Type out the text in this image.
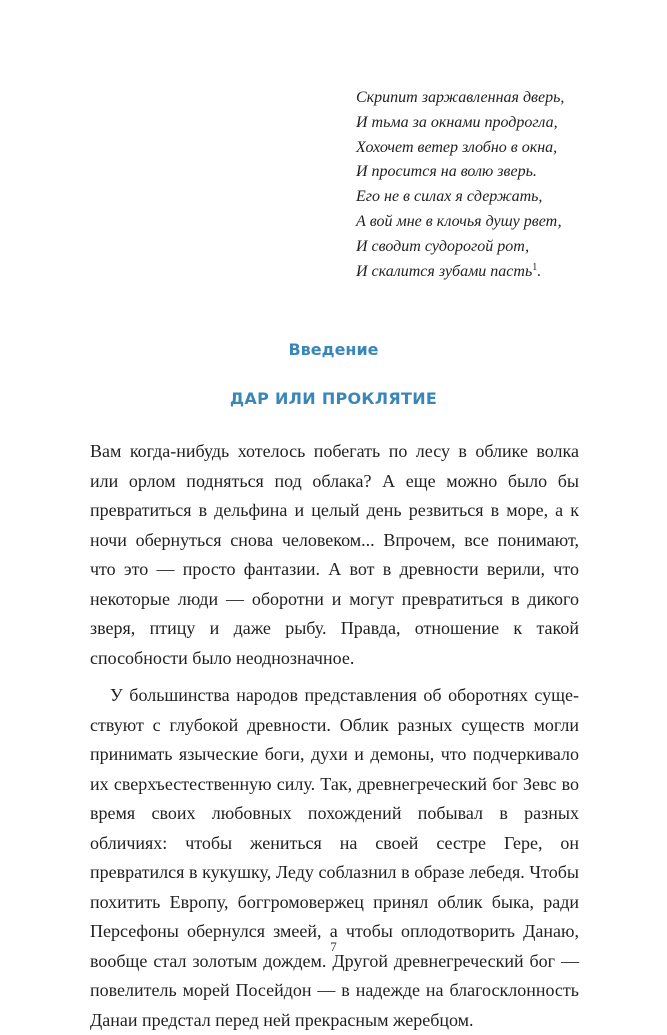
Скрипит заржавленная дверь,
И тьма за окнами продрогла,
Хохочет ветер злобно в окна,
И просится на волю зверь.
Его не в силах я сдержать,
А вой мне в клочья душу рвет,
И сводит судорогой рот,
И скалится зубами пасть$^1$.
Введение
ДАР ИЛИ ПРОКЛЯТИЕ

Вам когда-нибудь хотелось побегать по лесу в облике волка или орлом подняться под облака? А еще можно было бы превратиться в дельфина и целый день резвиться в море, а к ночи обернуться снова человеком... Впрочем, все понимают, что это — просто фантазии. А вот в древности верили, что некоторые люди — оборотни и могут превратиться в дикого зверя, птицу и даже рыбу. Правда, отношение к такой способности было неоднозначное.

У большинства народов представления об оборотнях существуют с глубокой древности. Облик разных существ могли принимать языческие боги, духи и демоны, что подчеркивало их сверхъестественную силу. Так, древнегреческий бог Зевс во время своих любовных похождений побывал в разных обличиях: чтобы жениться на своей сестре Гере, он превратился в кукушку, Леду соблазнил в образе лебедя. Чтобы похитить Европу, боггромовержец принял облик быка, ради Персефоны обернулся змеей, а чтобы оплодотворить Данаю, вообще стал золотым дождем. Другой древнегреческий бог — повелитель морей Посейдон — в надежде на благосклонность Данаи предстал перед ней прекрасным жеребцом.

7
